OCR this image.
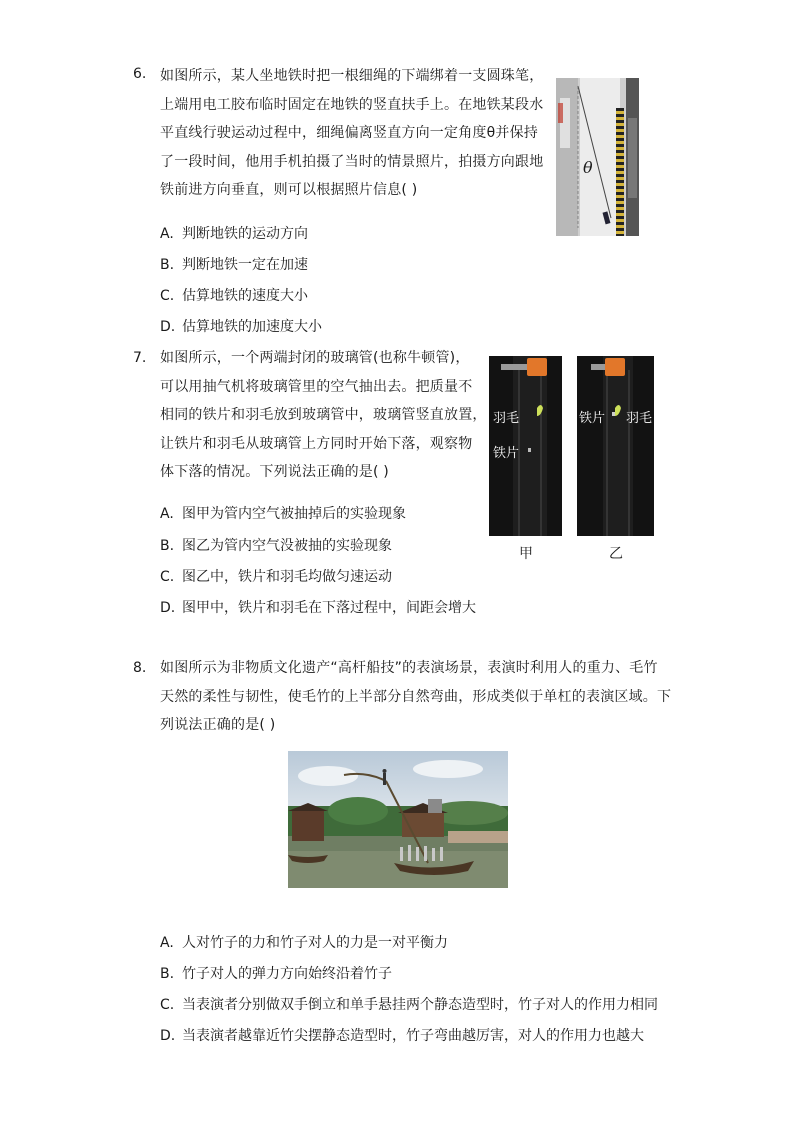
6. 如图所示，某人坐地铁时把一根细绳的下端绑着一支圆珠笔，
上端用电工胶布临时固定在地铁的竖直扶手上。在地铁某段水
平直线行驶运动过程中，细绳偏离竖直方向一定角度θ并保持
了一段时间，他用手机拍摄了当时的情景照片，拍摄方向跟地
铁前进方向垂直，则可以根据照片信息( )
A. 判断地铁的运动方向
B. 判断地铁一定在加速
C. 估算地铁的速度大小
D. 估算地铁的加速度大小
θ
7. 如图所示，一个两端封闭的玻璃管(也称牛顿管)，
可以用抽气机将玻璃管里的空气抽出去。把质量不
相同的铁片和羽毛放到玻璃管中，玻璃管竖直放置，
让铁片和羽毛从玻璃管上方同时开始下落，观察物
体下落的情况。下列说法正确的是( )
A. 图甲为管内空气被抽掉后的实验现象
B. 图乙为管内空气没被抽的实验现象
C. 图乙中，铁片和羽毛均做匀速运动
D. 图甲中，铁片和羽毛在下落过程中，间距会增大
羽毛
铁片
甲
铁片 羽毛
乙
8. 如图所示为非物质文化遗产“高杆船技”的表演场景，表演时利用人的重力、毛竹
天然的柔性与韧性，使毛竹的上半部分自然弯曲，形成类似于单杠的表演区域。下
列说法正确的是( )
A. 人对竹子的力和竹子对人的力是一对平衡力
B. 竹子对人的弹力方向始终沿着竹子
C. 当表演者分别做双手倒立和单手悬挂两个静态造型时，竹子对人的作用力相同
D. 当表演者越靠近竹尖摆静态造型时，竹子弯曲越厉害，对人的作用力也越大
